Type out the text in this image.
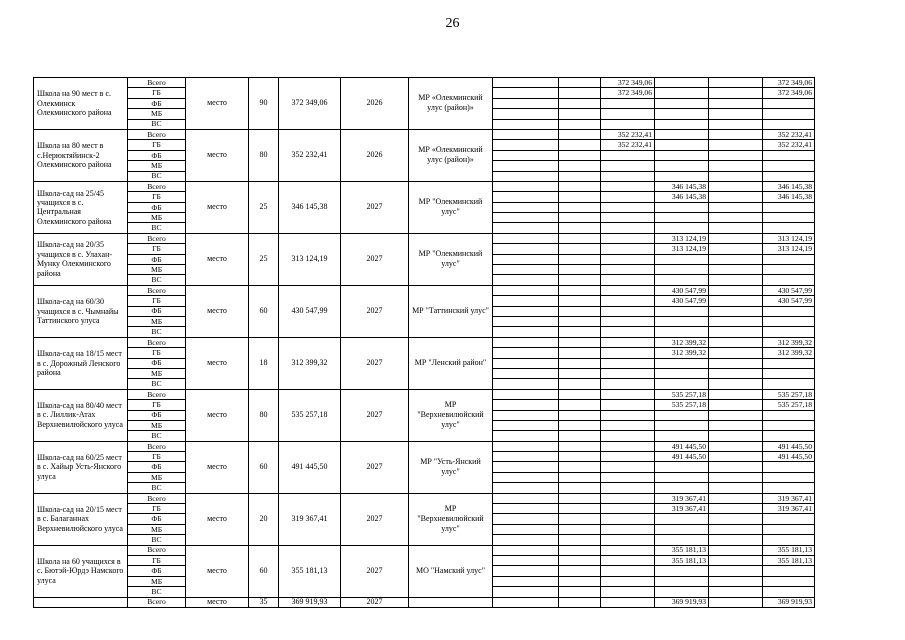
26
Школа на 90 мест в с. Олекминск Олекминского района	Всего	место	90	372 349,06	2026	МР «Олекминский улус (район)»			372 349,06			372 349,06
	ГБ								372 349,06			372 349,06
	ФБ											
	МБ											
	ВС											
Школа на 80 мест в с.Нерюктяйинск-2 Олекминского района	Всего	место	80	352 232,41	2026	МР «Олекминский улус (район)»			352 232,41			352 232,41
	ГБ								352 232,41			352 232,41
	ФБ											
	МБ											
	ВС											
Школа-сад на 25/45 учащихся в с. Центральная Олекминского района	Всего	место	25	346 145,38	2027	МР "Олекминский улус"				346 145,38		346 145,38
	ГБ									346 145,38		346 145,38
	ФБ											
	МБ											
	ВС											
Школа-сад на 20/35 учащихся в с. Улахан-Мунку Олекминского района	Всего	место	25	313 124,19	2027	МР "Олекминский улус"				313 124,19		313 124,19
	ГБ									313 124,19		313 124,19
	ФБ											
	МБ											
	ВС											
Школа-сад на 60/30 учащихся в с. Чымнайы Таттинского улуса	Всего	место	60	430 547,99	2027	МР "Таттинский улус"				430 547,99		430 547,99
	ГБ									430 547,99		430 547,99
	ФБ											
	МБ											
	ВС											
Школа-сад на 18/15 мест в с. Дорожный Ленского района	Всего	место	18	312 399,32	2027	МР "Ленский район"				312 399,32		312 399,32
	ГБ									312 399,32		312 399,32
	ФБ											
	МБ											
	ВС											
Школа-сад на 80/40 мест в с. Лиллик-Атах Верхневилюйского улуса	Всего	место	80	535 257,18	2027	МР "Верхневилюйский улус"				535 257,18		535 257,18
	ГБ									535 257,18		535 257,18
	ФБ											
	МБ											
	ВС											
Школа-сад на 60/25 мест в с. Хайыр Усть-Янского улуса	Всего	место	60	491 445,50	2027	МР "Усть-Янский улус"				491 445,50		491 445,50
	ГБ									491 445,50		491 445,50
	ФБ											
	МБ											
	ВС											
Школа-сад на 20/15 мест в с. Балаганнах Верхневилюйского улуса	Всего	место	20	319 367,41	2027	МР "Верхневилюйский улус"				319 367,41		319 367,41
	ГБ									319 367,41		319 367,41
	ФБ											
	МБ											
	ВС											
Школа на 60 учащихся в с. Бютэй-Юрдэ Намского улуса	Всего	место	60	355 181,13	2027	МО "Намский улус"				355 181,13		355 181,13
	ГБ									355 181,13		355 181,13
	ФБ											
	МБ											
	ВС											
	Всего	место	35	369 919,93	2027					369 919,93		369 919,93
